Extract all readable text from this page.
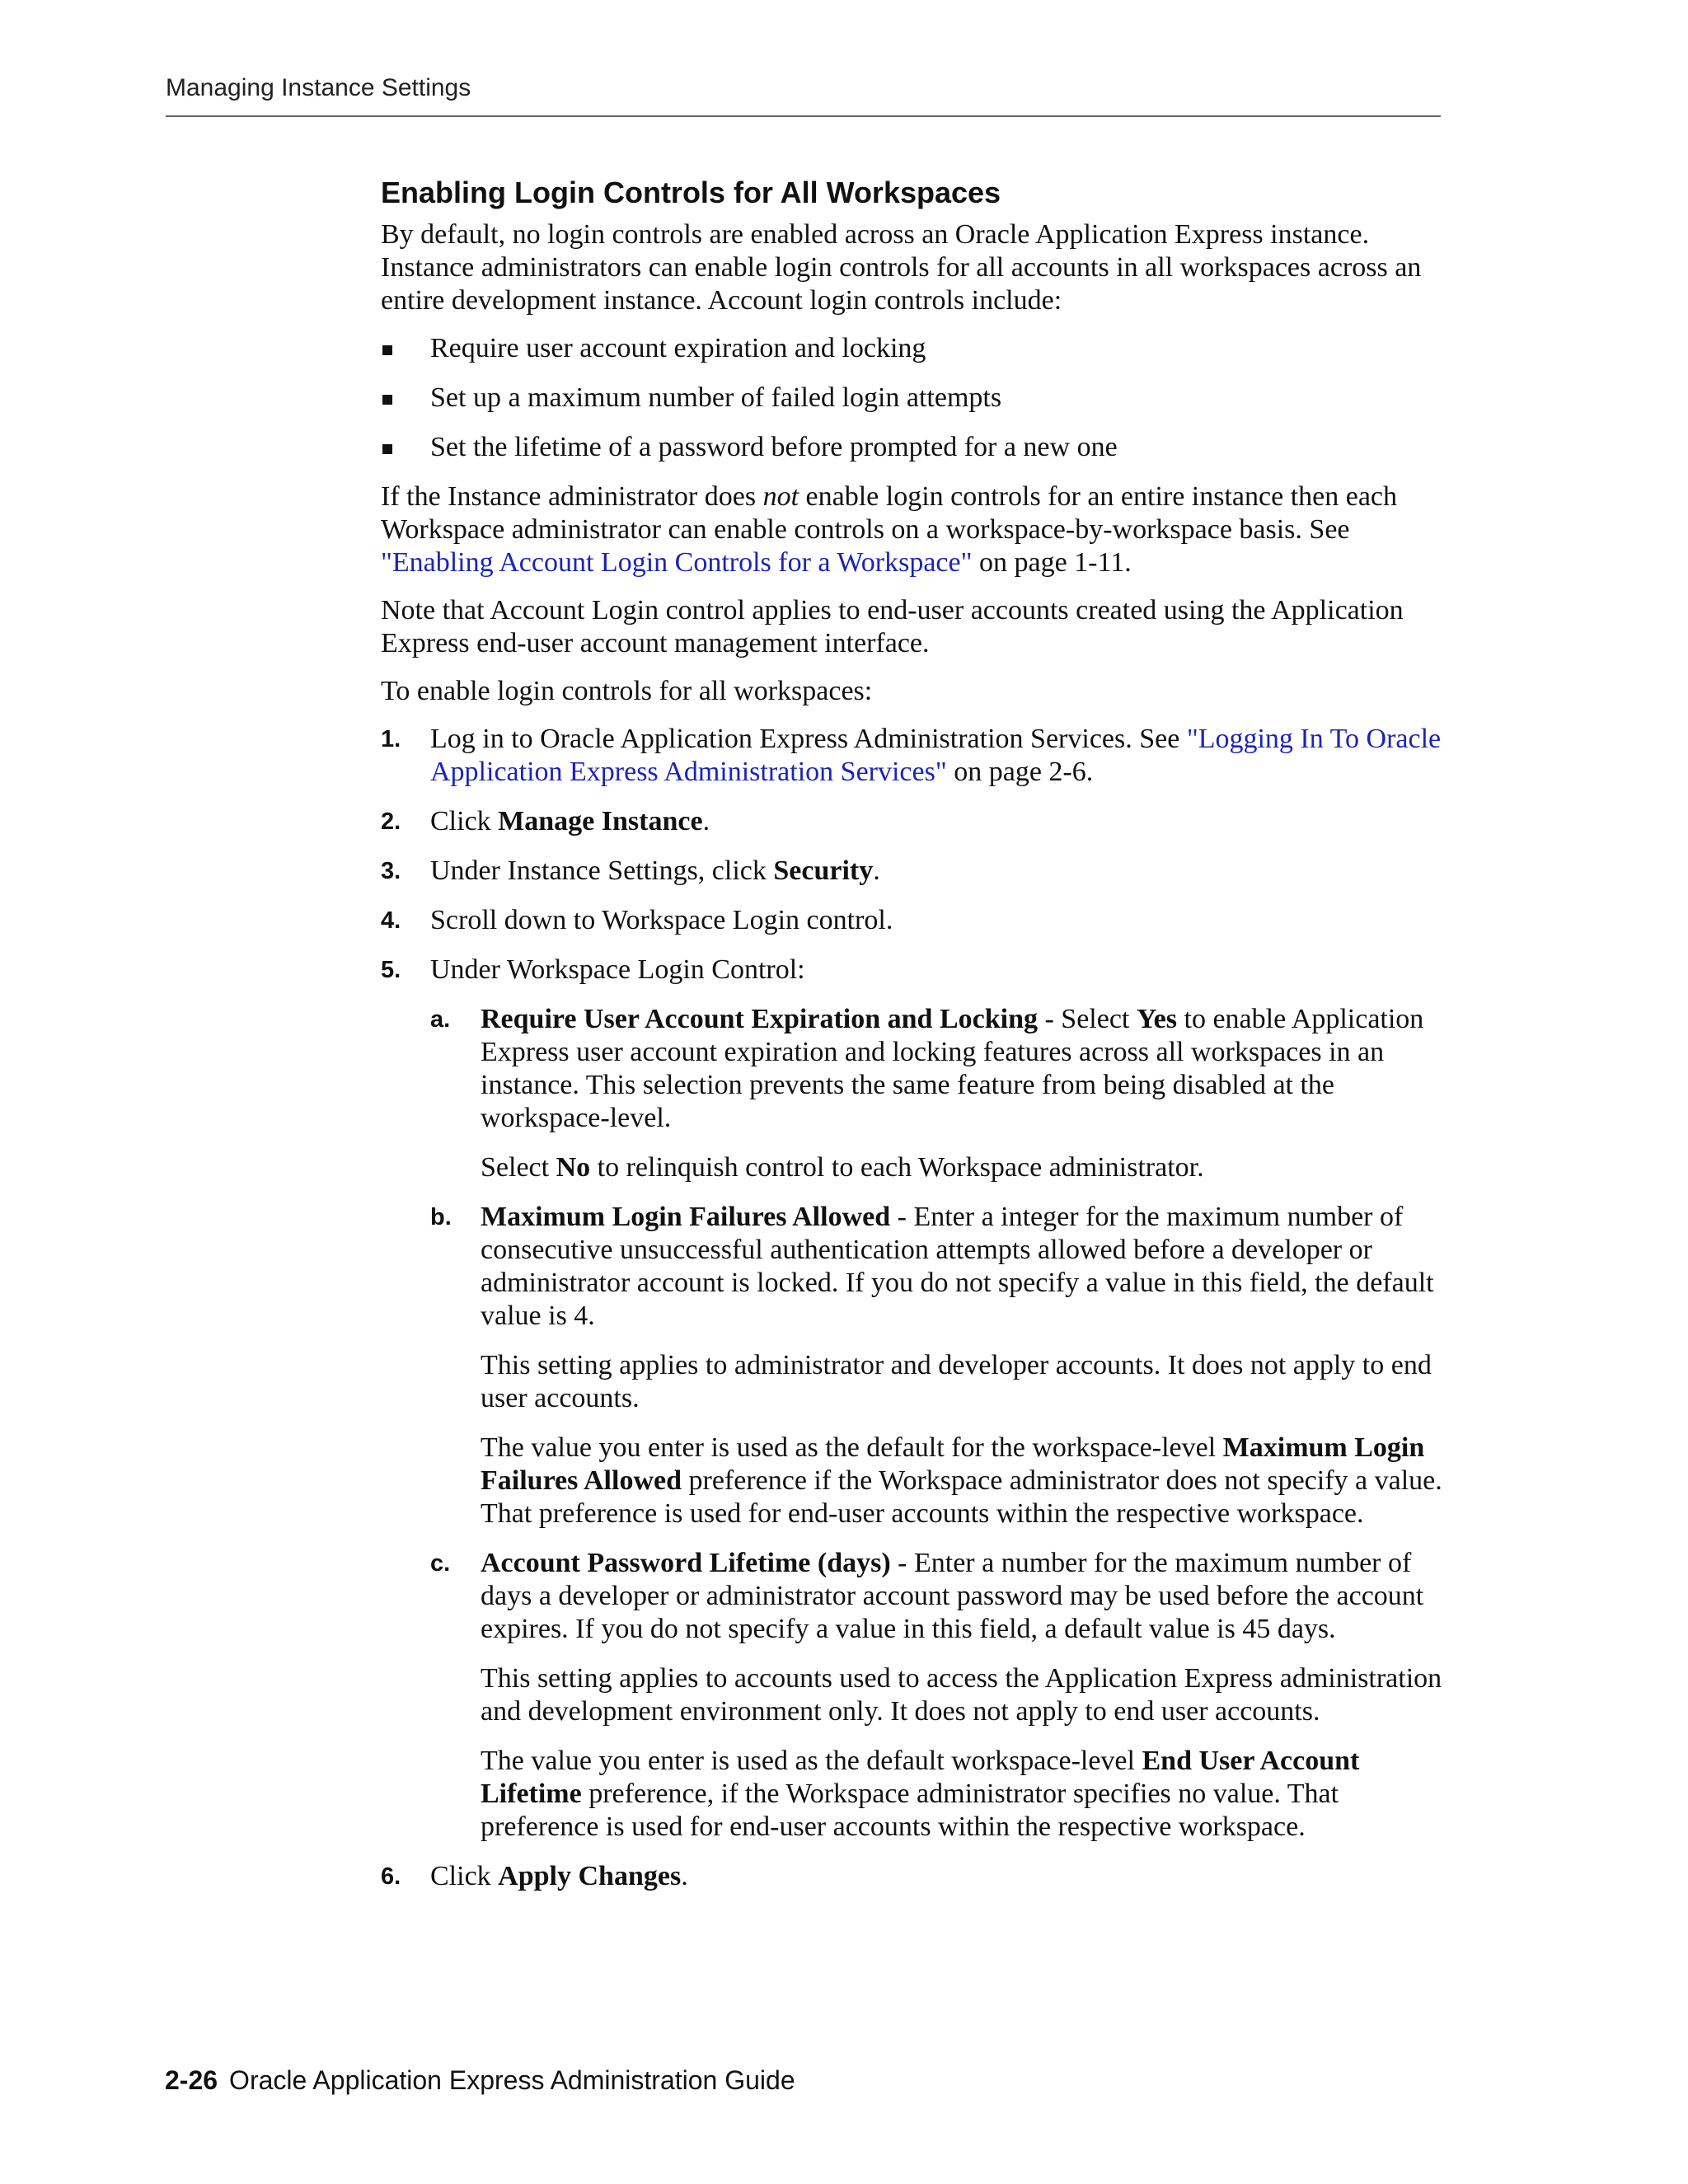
Managing Instance Settings
Enabling Login Controls for All Workspaces

By default, no login controls are enabled across an Oracle Application Express instance. Instance administrators can enable login controls for all accounts in all workspaces across an entire development instance. Account login controls include:

Require user account expiration and locking
Set up a maximum number of failed login attempts
Set the lifetime of a password before prompted for a new one

If the Instance administrator does not enable login controls for an entire instance then each Workspace administrator can enable controls on a workspace-by-workspace basis. See "Enabling Account Login Controls for a Workspace" on page 1-11.

Note that Account Login control applies to end-user accounts created using the Application Express end-user account management interface.

To enable login controls for all workspaces:

1. Log in to Oracle Application Express Administration Services. See "Logging In To Oracle Application Express Administration Services" on page 2-6.
2. Click Manage Instance.
3. Under Instance Settings, click Security.
4. Scroll down to Workspace Login control.
5. Under Workspace Login Control:
a. Require User Account Expiration and Locking - Select Yes to enable Application Express user account expiration and locking features across all workspaces in an instance. This selection prevents the same feature from being disabled at the workspace-level.

Select No to relinquish control to each Workspace administrator.

b. Maximum Login Failures Allowed - Enter a integer for the maximum number of consecutive unsuccessful authentication attempts allowed before a developer or administrator account is locked. If you do not specify a value in this field, the default value is 4.

This setting applies to administrator and developer accounts. It does not apply to end user accounts.

The value you enter is used as the default for the workspace-level Maximum Login Failures Allowed preference if the Workspace administrator does not specify a value. That preference is used for end-user accounts within the respective workspace.

c. Account Password Lifetime (days) - Enter a number for the maximum number of days a developer or administrator account password may be used before the account expires. If you do not specify a value in this field, a default value is 45 days.

This setting applies to accounts used to access the Application Express administration and development environment only. It does not apply to end user accounts.

The value you enter is used as the default workspace-level End User Account Lifetime preference, if the Workspace administrator specifies no value. That preference is used for end-user accounts within the respective workspace.

6. Click Apply Changes.
2-26 Oracle Application Express Administration Guide
